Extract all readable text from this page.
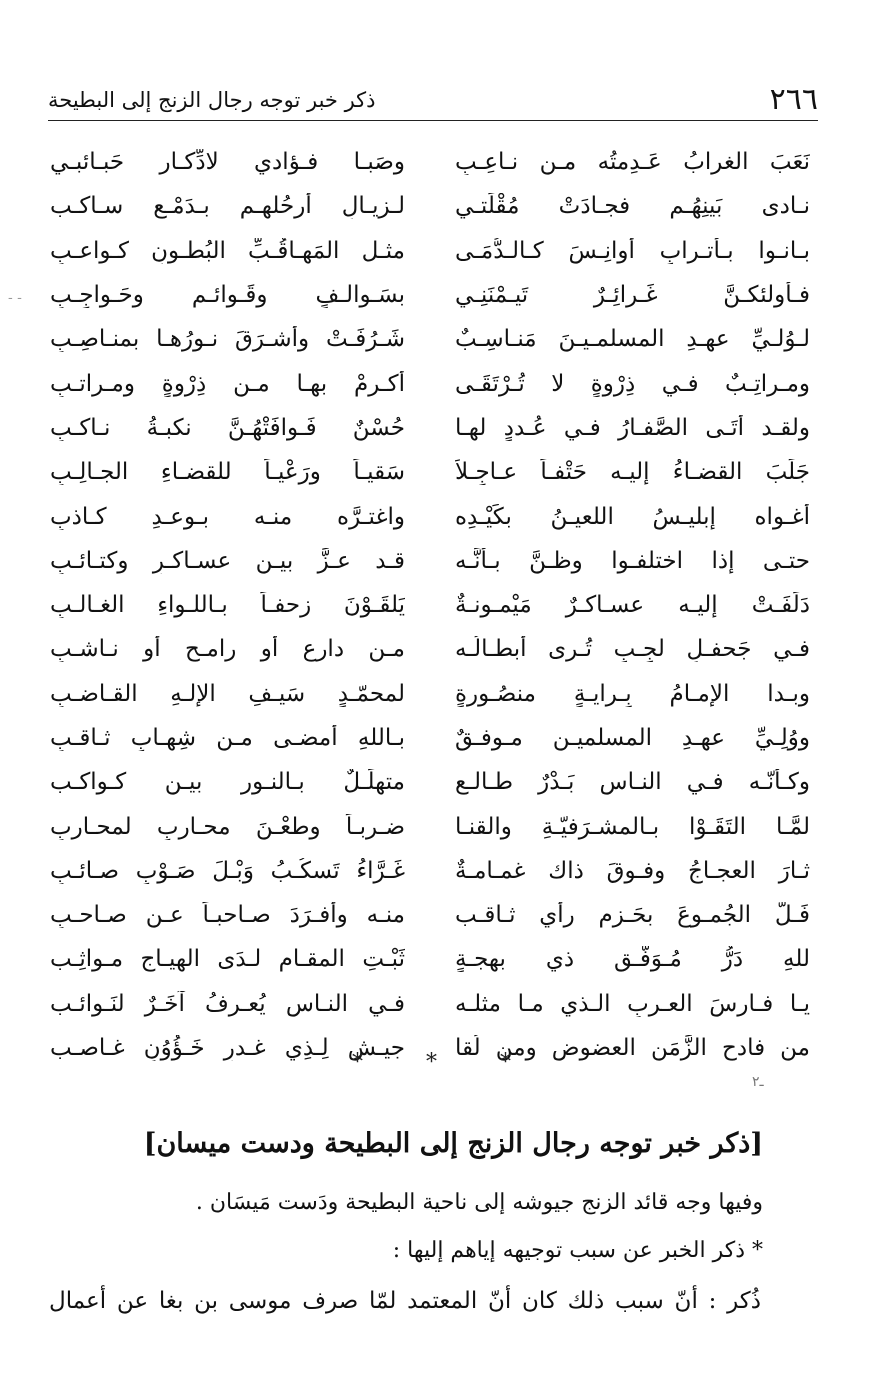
٢٦٦
ذكر خبر توجه رجال الزنج إلى البطيحة
نَعَبَ الغرابُ عَـدِمتُه مـن نـاعِـبِ
وصَبـا فـؤادي لادِّكـارِ حَبـائبـي
نـادى بَينِهُـم فجـادَتْ مُقْلَتـي
لـزِيـالِ أرحُلهـم بـدَمْـعٍ سـاكـب
بـانـوا بـأتـرابٍ أوانِـسَ كـالـدُّمَـى
مثـل المَهـاقُـبِّ البُطـونِ كـواعـبِ
فـأُولئكـنَّ غَـرائِـرٌ تَيـمْنَنِـي
بسَـوالـفٍ وقَـوائـمٍ وحَـواجِـبِ
لـوُلـيِّ عهـدِ المسلمـيـنَ مَنـاسِـبٌ
شَـرُفَـتْ وأشـرَقَ نـورُهـا بمنـاصِـبِ
ومـراتِـبٌ فـي ذِرْوةٍ لا تُـرْتَقَـى
أكـرِمْ بهـا مـن ذِرْوةٍ ومـراتـبِ
ولقـد أتَـى الصَّفـارُ فـي عُـددٍ لهـا
حُسْنٌ فَـوافَتْهُـنَّ نكبـةُ نـاكـبِ
جَلَبَ القضـاءُ إليـه حَتْفـاً عـاجِـلاً
سَقيـاً ورَعْيـاً للقضـاءِ الجـالِـبِ
أغـواه إبليـسُ اللعيـنُ بكَيْـدِه
واغتـرَّه منـه بـوعـدِ كـاذبِ
حتـى إذا اختلفـوا وظـنَّ بـأنَّـه
قـد عـزَّ بيـن عسـاكـرٍ وكتـائـبِ
دَلَفَـتْ إليـه عسـاكـرٌ مَيْمـونـةٌ
يَلقَـوْنَ زحفـاً بـاللـواءِ الغـالـبِ
فـي جَحفـلٍ لجِـبٍ تُـرى أبطـالُـه
مـن دارعٍ أو رامـحٍ أو نـاشـبِ
وبـدا الإمـامُ بِـرايـةٍ منصُـورةٍ
لمحمّـدٍ سَيـفِ الإلـهِ القـاضـبِ
ووُلِـيِّ عهـدِ المسلميـن مـوفـقٌ
بـاللهِ أمضـى مـن شِهـابٍ ثـاقـبِ
وكـأنّـه فـي النـاسِ بَـدْرٌ طـالـع
متهلِّـلٌ بـالنـورِ بيـن كـواكـب
لمَّـا التَقَـوْا بـالمشـرَفيّـةِ والقنـا
ضـربـاً وطعْـنَ محـاربٍ لمحـاربِ
ثـارَ العجـاجُ وفـوقَ ذاك غمـامـةٌ
غَـرَّاءُ تَسكُـبُ وَبْـلَ صَـوْبٍ صـائـبِ
فَـلَّ الجُمـوعَ بحَـزمِ رأيٍ ثـاقـب
منـه وأفـرَدَ صـاحبـاً عـن صـاحـبِ
للهِ دَرُّ مُـوَفَّـقٍ ذي بهجـةٍ
ثَبْـتِ المقـامِ لـدَى الهيـاجِ مـواثِـب
يـا فـارسَ العـربِ الـذي مـا مثلـه
فـي النـاسِ يُعـرفُ آخَـرٌ لنَـوائـب
من فادحِ الزَّمَنِ العضوضِ ومن لُقا
جيـش لِـذِي غـدرٍ خَـؤُوُنٍ غـاصـب
* * *
ـ٢
- -
[ذكر خبر توجه رجال الزنج إلى البطيحة ودست ميسان]
وفيها وجه قائد الزنج جيوشه إلى ناحية البطيحة ودَست مَيسَان .
* ذكر الخبر عن سبب توجيهه إياهم إليها :
ذُكر : أنّ سبب ذلك كان أنّ المعتمد لمّا صرف موسى بن بغا عن أعمال
